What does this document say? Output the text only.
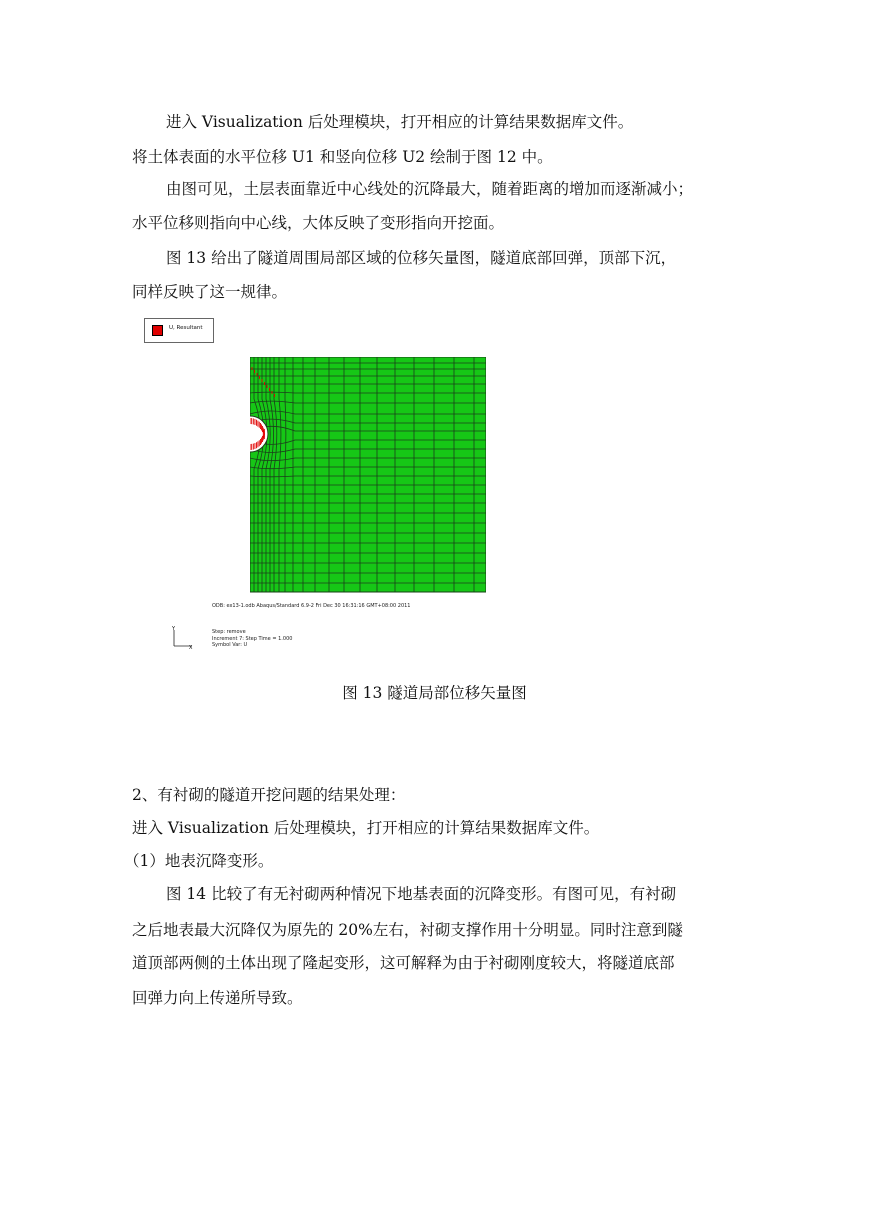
进入 Visualization 后处理模块，打开相应的计算结果数据库文件。
将土体表面的水平位移 U1 和竖向位移 U2 绘制于图 12 中。
由图可见，土层表面靠近中心线处的沉降最大，随着距离的增加而逐渐减小；
水平位移则指向中心线，大体反映了变形指向开挖面。
图 13 给出了隧道周围局部区域的位移矢量图，隧道底部回弹，顶部下沉，
同样反映了这一规律。
U, Resultant
ODB: ex13-1.odb Abaqus/Standard 6.9-2 Fri Dec 30 16:31:16 GMT+08:00 2011
Y
X
Step: remove
Increment 7: Step Time = 1.000
Symbol Var: U
图 13 隧道局部位移矢量图
2、有衬砌的隧道开挖问题的结果处理：
进入 Visualization 后处理模块，打开相应的计算结果数据库文件。
（1）地表沉降变形。
图 14 比较了有无衬砌两种情况下地基表面的沉降变形。有图可见，有衬砌
之后地表最大沉降仅为原先的 20%左右，衬砌支撑作用十分明显。同时注意到隧
道顶部两侧的土体出现了隆起变形，这可解释为由于衬砌刚度较大，将隧道底部
回弹力向上传递所导致。
